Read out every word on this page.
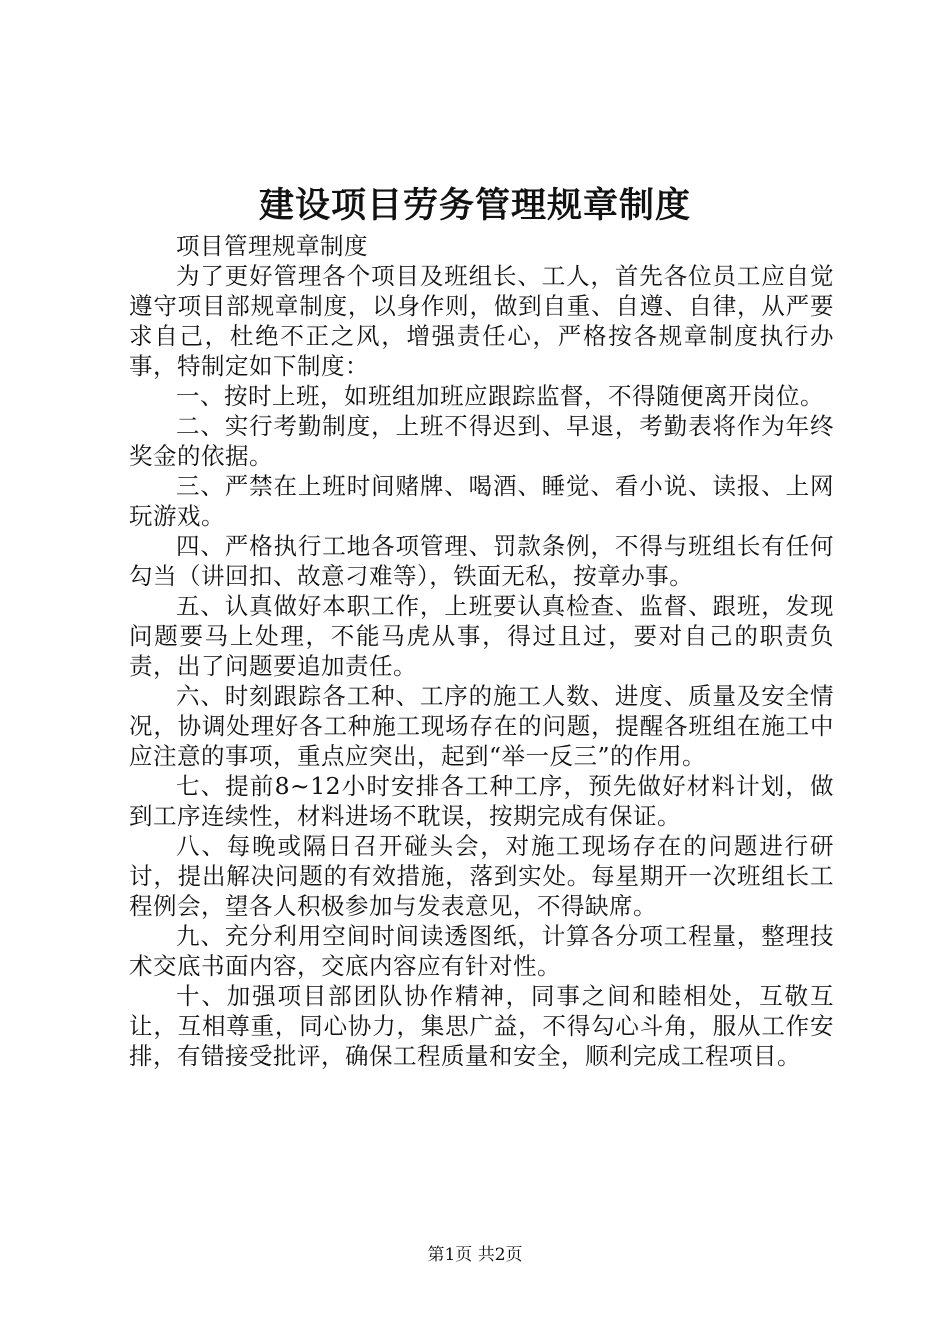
建设项目劳务管理规章制度

项目管理规章制度

为了更好管理各个项目及班组长、工人，首先各位员工应自觉遵守项目部规章制度，以身作则，做到自重、自遵、自律，从严要求自己，杜绝不正之风，增强责任心，严格按各规章制度执行办事，特制定如下制度：

一、按时上班，如班组加班应跟踪监督，不得随便离开岗位。

二、实行考勤制度，上班不得迟到、早退，考勤表将作为年终奖金的依据。

三、严禁在上班时间赌牌、喝酒、睡觉、看小说、读报、上网玩游戏。

四、严格执行工地各项管理、罚款条例，不得与班组长有任何勾当（讲回扣、故意刁难等），铁面无私，按章办事。

五、认真做好本职工作，上班要认真检查、监督、跟班，发现问题要马上处理，不能马虎从事，得过且过，要对自己的职责负责，出了问题要追加责任。

六、时刻跟踪各工种、工序的施工人数、进度、质量及安全情况，协调处理好各工种施工现场存在的问题，提醒各班组在施工中应注意的事项，重点应突出，起到“举一反三”的作用。

七、提前8~12小时安排各工种工序，预先做好材料计划，做到工序连续性，材料进场不耽误，按期完成有保证。

八、每晚或隔日召开碰头会，对施工现场存在的问题进行研讨，提出解决问题的有效措施，落到实处。每星期开一次班组长工程例会，望各人积极参加与发表意见，不得缺席。

九、充分利用空间时间读透图纸，计算各分项工程量，整理技术交底书面内容，交底内容应有针对性。

十、加强项目部团队协作精神，同事之间和睦相处，互敬互让，互相尊重，同心协力，集思广益，不得勾心斗角，服从工作安排，有错接受批评，确保工程质量和安全，顺利完成工程项目。

第1页 共2页
